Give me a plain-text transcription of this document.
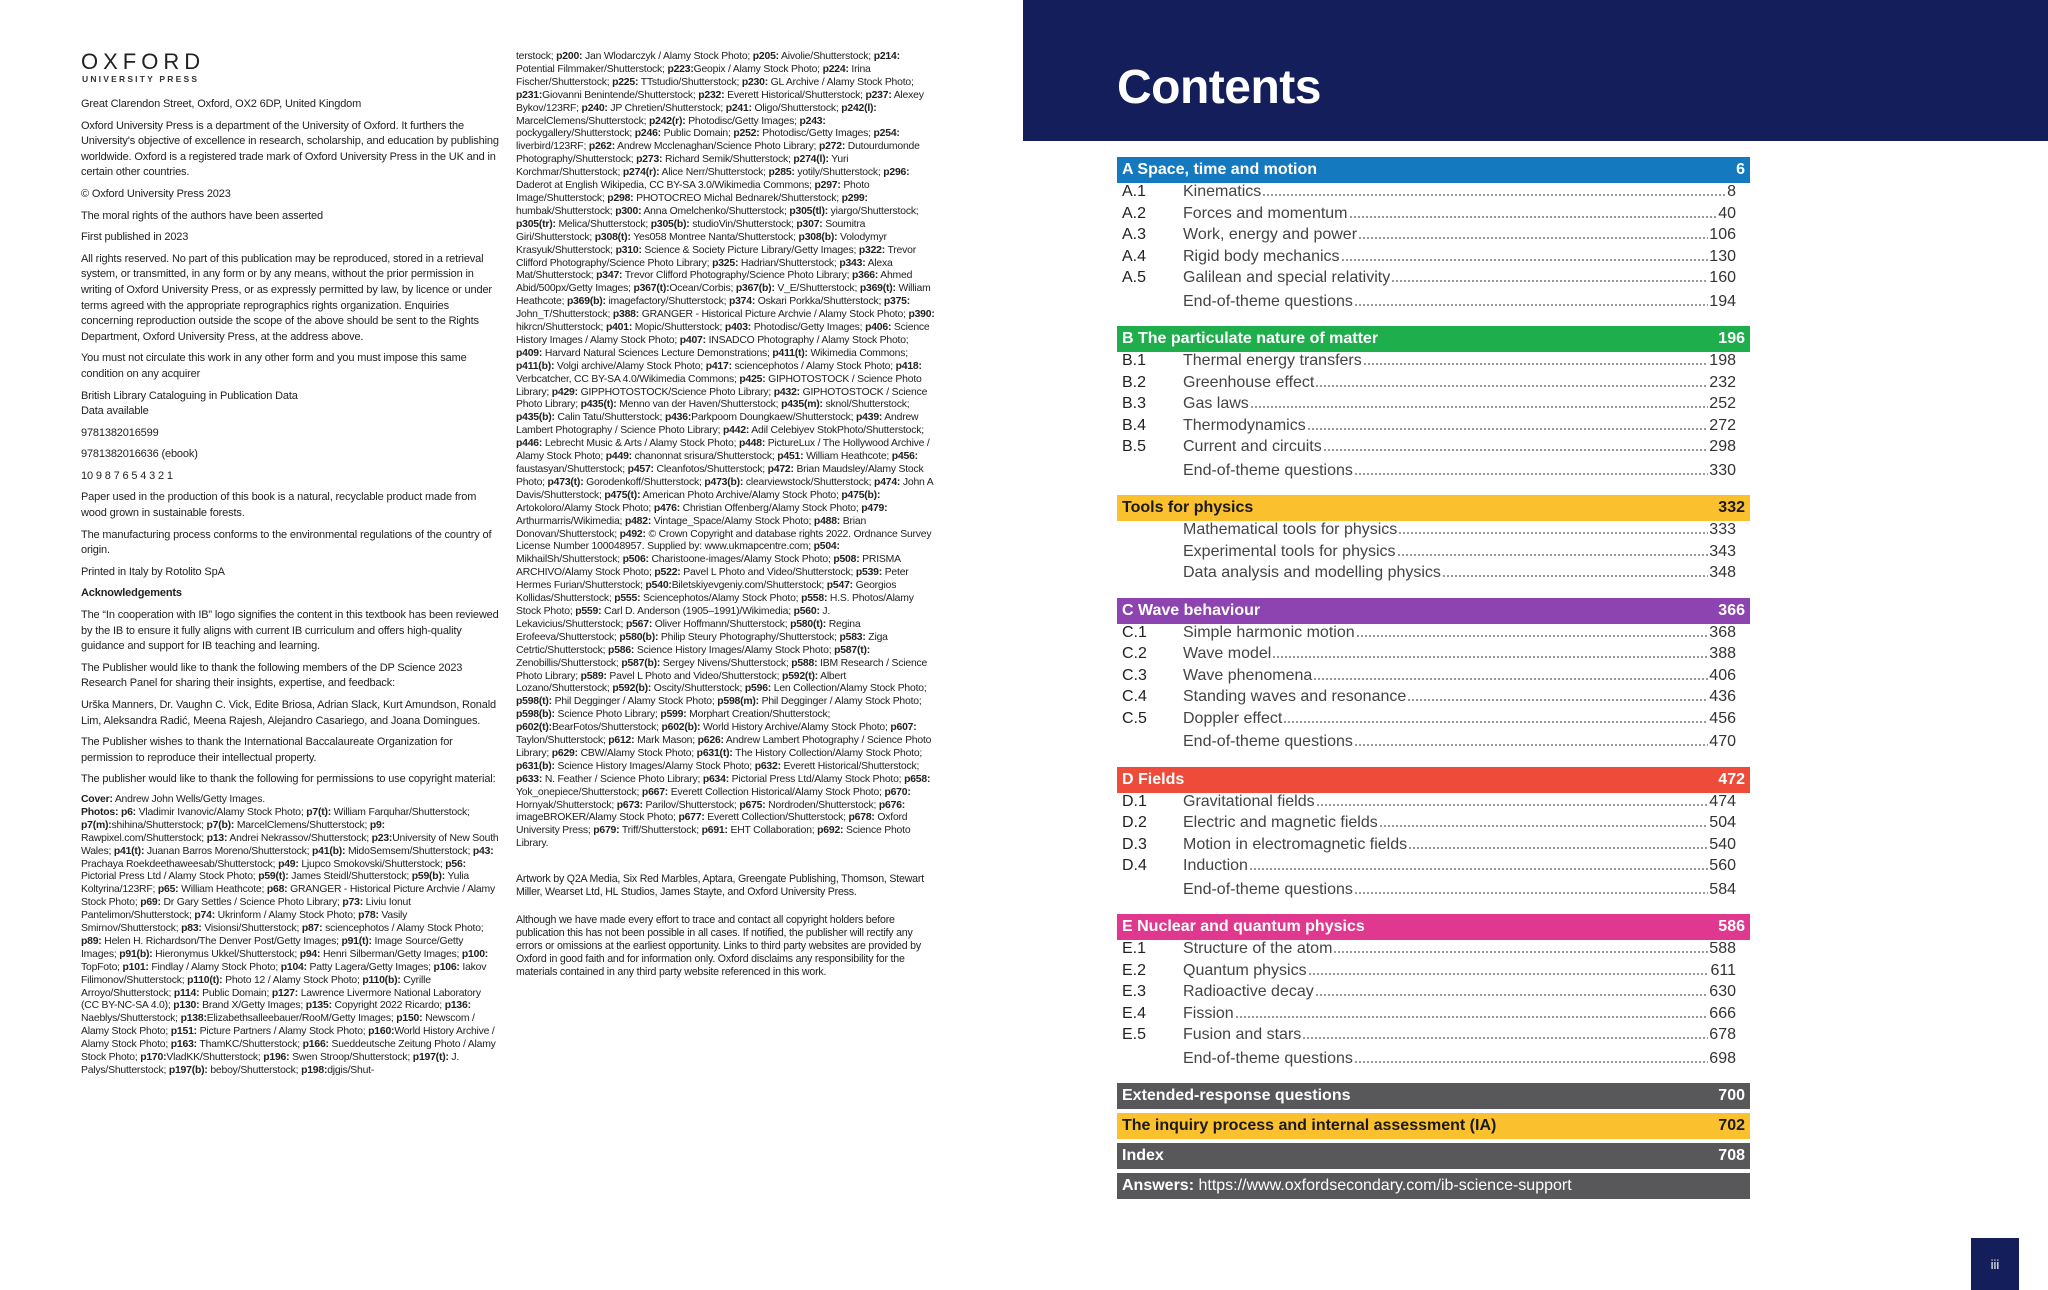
OXFORD
UNIVERSITY PRESS

Great Clarendon Street, Oxford, OX2 6DP, United Kingdom

Oxford University Press is a department of the University of Oxford. It furthers the University's objective of excellence in research, scholarship, and education by publishing worldwide. Oxford is a registered trade mark of Oxford University Press in the UK and in certain other countries.

© Oxford University Press 2023

The moral rights of the authors have been asserted

First published in 2023

All rights reserved. No part of this publication may be reproduced, stored in a retrieval system, or transmitted, in any form or by any means, without the prior permission in writing of Oxford University Press, or as expressly permitted by law, by licence or under terms agreed with the appropriate reprographics rights organization. Enquiries concerning reproduction outside the scope of the above should be sent to the Rights Department, Oxford University Press, at the address above.

You must not circulate this work in any other form and you must impose this same condition on any acquirer

British Library Cataloguing in Publication Data
Data available

9781382016599

9781382016636 (ebook)

10 9 8 7 6 5 4 3 2 1

Paper used in the production of this book is a natural, recyclable product made from wood grown in sustainable forests.

The manufacturing process conforms to the environmental regulations of the country of origin.

Printed in Italy by Rotolito SpA

Acknowledgements

The “In cooperation with IB” logo signifies the content in this textbook has been reviewed by the IB to ensure it fully aligns with current IB curriculum and offers high-quality guidance and support for IB teaching and learning.

The Publisher would like to thank the following members of the DP Science 2023 Research Panel for sharing their insights, expertise, and feedback:

Urška Manners, Dr. Vaughn C. Vick, Edite Briosa, Adrian Slack, Kurt Amundson, Ronald Lim, Aleksandra Radić, Meena Rajesh, Alejandro Casariego, and Joana Domingues.

The Publisher wishes to thank the International Baccalaureate Organization for permission to reproduce their intellectual property.

The publisher would like to thank the following for permissions to use copyright material:

Cover: Andrew John Wells/Getty Images.

Photos: p6: Vladimir Ivanovic/Alamy Stock Photo; p7(t): William Farquhar/Shutterstock; p7(m):shihina/Shutterstock; p7(b): MarcelClemens/Shutterstock; p9: Rawpixel.com/Shutterstock; p13: Andrei Nekrassov/Shutterstock; p23:University of New South Wales; p41(t): Juanan Barros Moreno/Shutterstock; p41(b): MidoSemsem/Shutterstock; p43: Prachaya Roekdeethaweesab/Shutterstock; p49: Ljupco Smokovski/Shutterstock; p56: Pictorial Press Ltd / Alamy Stock Photo; p59(t): James Steidl/Shutterstock; p59(b): Yulia Koltyrina/123RF; p65: William Heathcote; p68: GRANGER - Historical Picture Archvie / Alamy Stock Photo; p69: Dr Gary Settles / Science Photo Library; p73: Liviu Ionut Pantelimon/Shutterstock; p74: Ukrinform / Alamy Stock Photo; p78: Vasily Smirnov/Shutterstock; p83: Visionsi/Shutterstock; p87: sciencephotos / Alamy Stock Photo; p89: Helen H. Richardson/The Denver Post/Getty Images; p91(t): Image Source/Getty Images; p91(b): Hieronymus Ukkel/Shutterstock; p94: Henri Silberman/Getty Images; p100: TopFoto; p101: Findlay / Alamy Stock Photo; p104: Patty Lagera/Getty Images; p106: Iakov Filimonov/Shutterstock; p110(t): Photo 12 / Alamy Stock Photo; p110(b): Cyrille Arroyo/Shutterstock; p114: Public Domain; p127: Lawrence Livermore National Laboratory (CC BY-NC-SA 4.0); p130: Brand X/Getty Images; p135: Copyright 2022 Ricardo; p136: Naeblys/Shutterstock; p138:Elizabethsalleebauer/RooM/Getty Images; p150: Newscom / Alamy Stock Photo; p151: Picture Partners / Alamy Stock Photo; p160:World History Archive / Alamy Stock Photo; p163: ThamKC/Shutterstock; p166: Sueddeutsche Zeitung Photo / Alamy Stock Photo; p170:VladKK/Shutterstock; p196: Swen Stroop/Shutterstock; p197(t): J. Palys/Shutterstock; p197(b): beboy/Shutterstock; p198:djgis/Shut-

terstock; p200: Jan Wlodarczyk / Alamy Stock Photo; p205: Aivolie/Shutterstock; p214: Potential Filmmaker/Shutterstock; p223:Geopix / Alamy Stock Photo; p224: Irina Fischer/Shutterstock; p225: TTstudio/Shutterstock; p230: GL Archive / Alamy Stock Photo; p231:Giovanni Benintende/Shutterstock; p232: Everett Historical/Shutterstock; p237: Alexey Bykov/123RF; p240: JP Chretien/Shutterstock; p241: Oligo/Shutterstock; p242(l): MarcelClemens/Shutterstock; p242(r): Photodisc/Getty Images; p243: pockygallery/Shutterstock; p246: Public Domain; p252: Photodisc/Getty Images; p254: liverbird/123RF; p262: Andrew Mcclenaghan/Science Photo Library; p272: Dutourdumonde Photography/Shutterstock; p273: Richard Semik/Shutterstock; p274(l): Yuri Korchmar/Shutterstock; p274(r): Alice Nerr/Shutterstock; p285: yotily/Shutterstock; p296: Daderot at English Wikipedia, CC BY-SA 3.0/Wikimedia Commons; p297: Photo Image/Shutterstock; p298: PHOTOCREO Michal Bednarek/Shutterstock; p299: humbak/Shutterstock; p300: Anna Omelchenko/Shutterstock; p305(tl): yiargo/Shutterstock; p305(tr): Melica/Shutterstock; p305(b): studioVin/Shutterstock; p307: Soumitra Giri/Shutterstock; p308(t): Yes058 Montree Nanta/Shutterstock; p308(b): Volodymyr Krasyuk/Shutterstock; p310: Science & Society Picture Library/Getty Images; p322: Trevor Clifford Photography/Science Photo Library; p325: Hadrian/Shutterstock; p343: Alexa Mat/Shutterstock; p347: Trevor Clifford Photography/Science Photo Library; p366: Ahmed Abid/500px/Getty Images; p367(t):Ocean/Corbis; p367(b): V_E/Shutterstock; p369(t): William Heathcote; p369(b): imagefactory/Shutterstock; p374: Oskari Porkka/Shutterstock; p375: John_T/Shutterstock; p388: GRANGER - Historical Picture Archvie / Alamy Stock Photo; p390: hikrcn/Shutterstock; p401: Mopic/Shutterstock; p403: Photodisc/Getty Images; p406: Science History Images / Alamy Stock Photo; p407: INSADCO Photography / Alamy Stock Photo; p409: Harvard Natural Sciences Lecture Demonstrations; p411(t): Wikimedia Commons; p411(b): Volgi archive/Alamy Stock Photo; p417: sciencephotos / Alamy Stock Photo; p418: Verbcatcher, CC BY-SA 4.0/Wikimedia Commons; p425: GIPHOTOSTOCK / Science Photo Library; p429: GIPPHOTOSTOCK/Science Photo Library; p432: GIPHOTOSTOCK / Science Photo Library; p435(t): Menno van der Haven/Shutterstock; p435(m): sknol/Shutterstock; p435(b): Calin Tatu/Shutterstock; p436:Parkpoom Doungkaew/Shutterstock; p439: Andrew Lambert Photography / Science Photo Library; p442: Adil Celebiyev StokPhoto/Shutterstock; p446: Lebrecht Music & Arts / Alamy Stock Photo; p448: PictureLux / The Hollywood Archive / Alamy Stock Photo; p449: chanonnat srisura/Shutterstock; p451: William Heathcote; p456: faustasyan/Shutterstock; p457: Cleanfotos/Shutterstock; p472: Brian Maudsley/Alamy Stock Photo; p473(t): Gorodenkoff/Shutterstock; p473(b): clearviewstock/Shutterstock; p474: John A Davis/Shutterstock; p475(t): American Photo Archive/Alamy Stock Photo; p475(b): Artokoloro/Alamy Stock Photo; p476: Christian Offenberg/Alamy Stock Photo; p479: Arthurmarris/Wikimedia; p482: Vintage_Space/Alamy Stock Photo; p488: Brian Donovan/Shutterstock; p492: © Crown Copyright and database rights 2022. Ordnance Survey License Number 100048957. Supplied by: www.ukmapcentre.com; p504: MikhailSh/Shutterstock; p506: Charistoone-images/Alamy Stock Photo; p508: PRISMA ARCHIVO/Alamy Stock Photo; p522: Pavel L Photo and Video/Shutterstock; p539: Peter Hermes Furian/Shutterstock; p540:Biletskiyevgeniy.com/Shutterstock; p547: Georgios Kollidas/Shutterstock; p555: Sciencephotos/Alamy Stock Photo; p558: H.S. Photos/Alamy Stock Photo; p559: Carl D. Anderson (1905–1991)/Wikimedia; p560: J. Lekavicius/Shutterstock; p567: Oliver Hoffmann/Shutterstock; p580(t): Regina Erofeeva/Shutterstock; p580(b): Philip Steury Photography/Shutterstock; p583: Ziga Cetrtic/Shutterstock; p586: Science History Images/Alamy Stock Photo; p587(t): Zenobillis/Shutterstock; p587(b): Sergey Nivens/Shutterstock; p588: IBM Research / Science Photo Library; p589: Pavel L Photo and Video/Shutterstock; p592(t): Albert Lozano/Shutterstock; p592(b): Oscity/Shutterstock; p596: Len Collection/Alamy Stock Photo; p598(t): Phil Degginger / Alamy Stock Photo; p598(m): Phil Degginger / Alamy Stock Photo; p598(b): Science Photo Library; p599: Morphart Creation/Shutterstock; p602(t):BearFotos/Shutterstock; p602(b): World History Archive/Alamy Stock Photo; p607: Taylon/Shutterstock; p612: Mark Mason; p626: Andrew Lambert Photography / Science Photo Library; p629: CBW/Alamy Stock Photo; p631(t): The History Collection/Alamy Stock Photo; p631(b): Science History Images/Alamy Stock Photo; p632: Everett Historical/Shutterstock; p633: N. Feather / Science Photo Library; p634: Pictorial Press Ltd/Alamy Stock Photo; p658: Yok_onepiece/Shutterstock; p667: Everett Collection Historical/Alamy Stock Photo; p670: Hornyak/Shutterstock; p673: Parilov/Shutterstock; p675: Nordroden/Shutterstock; p676: imageBROKER/Alamy Stock Photo; p677: Everett Collection/Shutterstock; p678: Oxford University Press; p679: Triff/Shutterstock; p691: EHT Collaboration; p692: Science Photo Library.

Artwork by Q2A Media, Six Red Marbles, Aptara, Greengate Publishing, Thomson, Stewart Miller, Wearset Ltd, HL Studios, James Stayte, and Oxford University Press.

Although we have made every effort to trace and contact all copyright holders before publication this has not been possible in all cases. If notified, the publisher will rectify any errors or omissions at the earliest opportunity. Links to third party websites are provided by Oxford in good faith and for information only. Oxford disclaims any responsibility for the materials contained in any third party website referenced in this work.

Contents
A Space, time and motion	6
A.1	Kinematics	8
A.2	Forces and momentum	40
A.3	Work, energy and power	106
A.4	Rigid body mechanics	130
A.5	Galilean and special relativity	160
End-of-theme questions	194
B The particulate nature of matter	196
B.1	Thermal energy transfers	198
B.2	Greenhouse effect	232
B.3	Gas laws	252
B.4	Thermodynamics	272
B.5	Current and circuits	298
End-of-theme questions	330
Tools for physics	332
Mathematical tools for physics	333
Experimental tools for physics	343
Data analysis and modelling physics	348
C Wave behaviour	366
C.1	Simple harmonic motion	368
C.2	Wave model	388
C.3	Wave phenomena	406
C.4	Standing waves and resonance	436
C.5	Doppler effect	456
End-of-theme questions	470
D Fields	472
D.1	Gravitational fields	474
D.2	Electric and magnetic fields	504
D.3	Motion in electromagnetic fields	540
D.4	Induction	560
End-of-theme questions	584
E Nuclear and quantum physics	586
E.1	Structure of the atom	588
E.2	Quantum physics	611
E.3	Radioactive decay	630
E.4	Fission	666
E.5	Fusion and stars	678
End-of-theme questions	698
Extended-response questions	700
The inquiry process and internal assessment (IA)	702
Index	708
Answers: https://www.oxfordsecondary.com/ib-science-support
iii
